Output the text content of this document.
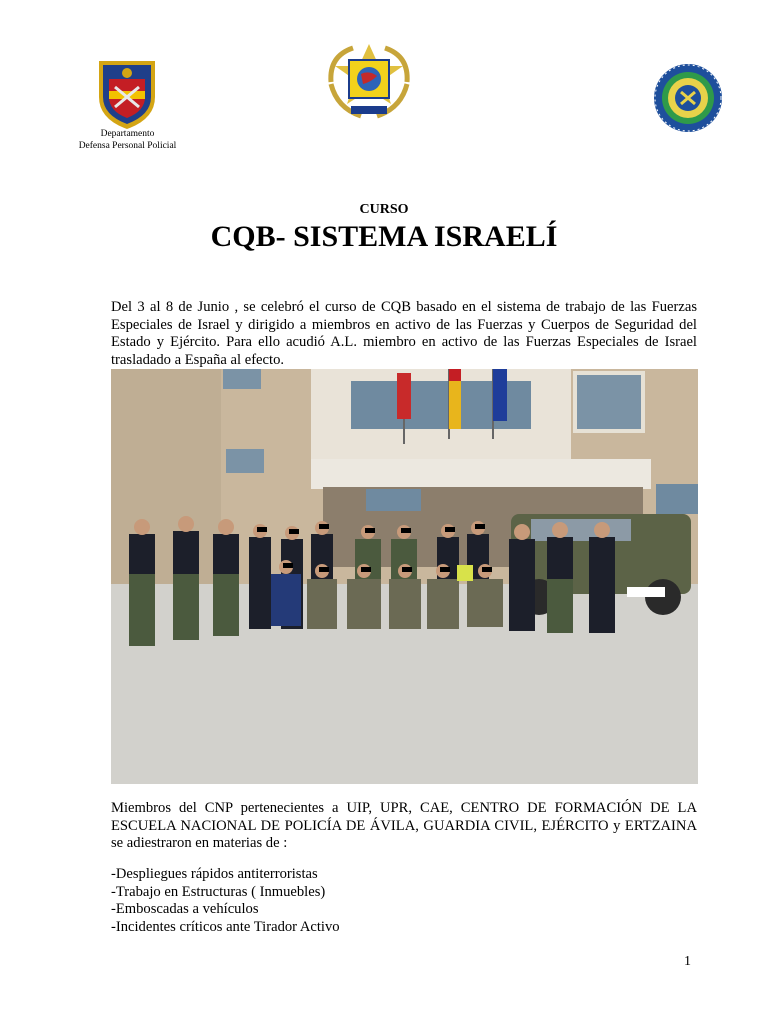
Departamento
Defensa Personal Policial
CURSO
CQB- SISTEMA ISRAELÍ
Del 3 al 8 de Junio , se celebró el curso de CQB basado en el sistema de trabajo de las Fuerzas Especiales de Israel y dirigido a miembros en activo de las Fuerzas y Cuerpos de Seguridad del Estado y Ejército. Para ello acudió A.L. miembro en activo de las Fuerzas Especiales de Israel trasladado a España al efecto.
Miembros del CNP pertenecientes a UIP, UPR, CAE, CENTRO DE FORMACIÓN DE LA ESCUELA NACIONAL DE POLICÍA DE ÁVILA, GUARDIA CIVIL, EJÉRCITO y ERTZAINA se adiestraron en materias de :
-Despliegues rápidos antiterroristas
-Trabajo en Estructuras ( Inmuebles)
-Emboscadas a vehículos
-Incidentes críticos ante Tirador Activo
1
